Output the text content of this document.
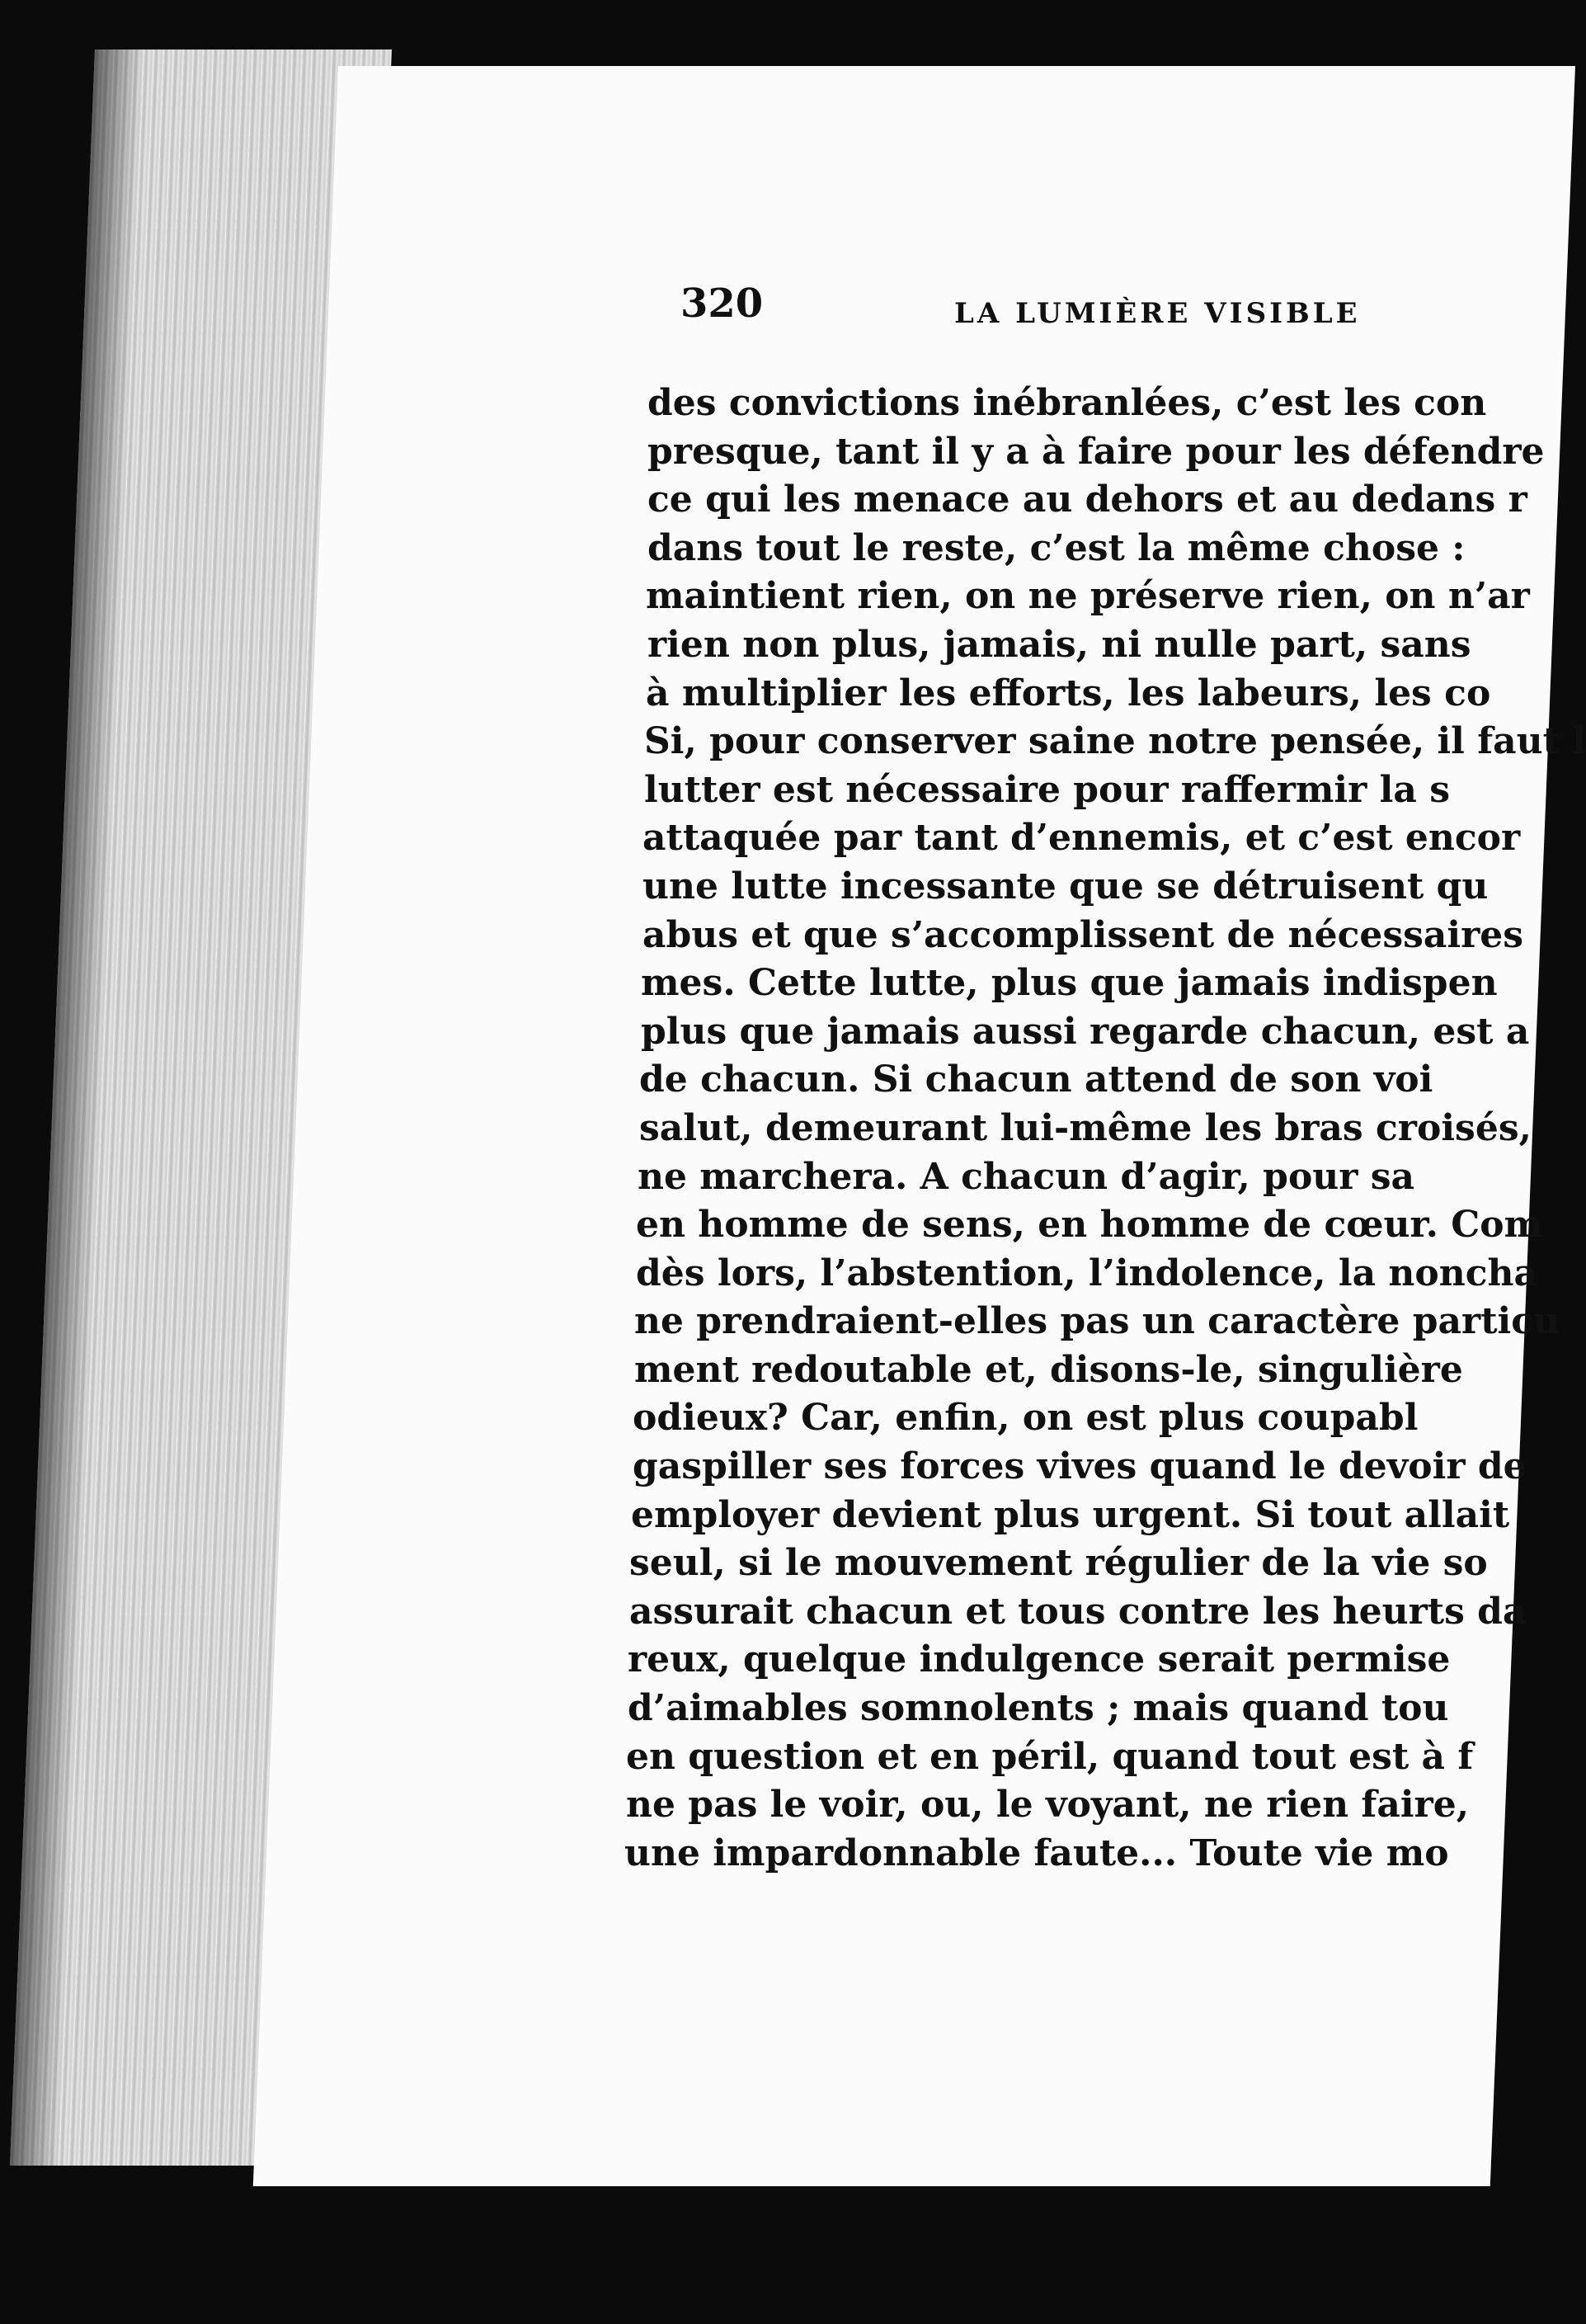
320	LA LUMIÈRE VISIBLE
des convictions inébranlées, c’est les con
presque, tant il y a à faire pour les défendre
ce qui les menace au dehors et au dedans r
dans tout le reste, c’est la même chose :
maintient rien, on ne préserve rien, on n’ar
rien non plus, jamais, ni nulle part, sans
à multiplier les efforts, les labeurs, les co
Si, pour conserver saine notre pensée, il faut l
lutter est nécessaire pour raffermir la s
attaquée par tant d’ennemis, et c’est encor
une lutte incessante que se détruisent qu
abus et que s’accomplissent de nécessaires
mes. Cette lutte, plus que jamais indispen
plus que jamais aussi regarde chacun, est a
de chacun. Si chacun attend de son voi
salut, demeurant lui-même les bras croisés,
ne marchera. A chacun d’agir, pour sa
en homme de sens, en homme de cœur. Com
dès lors, l’abstention, l’indolence, la noncha
ne prendraient-elles pas un caractère particu
ment redoutable et, disons-le, singulière
odieux? Car, enfin, on est plus coupabl
gaspiller ses forces vives quand le devoir de
employer devient plus urgent. Si tout allait
seul, si le mouvement régulier de la vie so
assurait chacun et tous contre les heurts da
reux, quelque indulgence serait permise
d’aimables somnolents ; mais quand tou
en question et en péril, quand tout est à f
ne pas le voir, ou, le voyant, ne rien faire,
une impardonnable faute... Toute vie mo
